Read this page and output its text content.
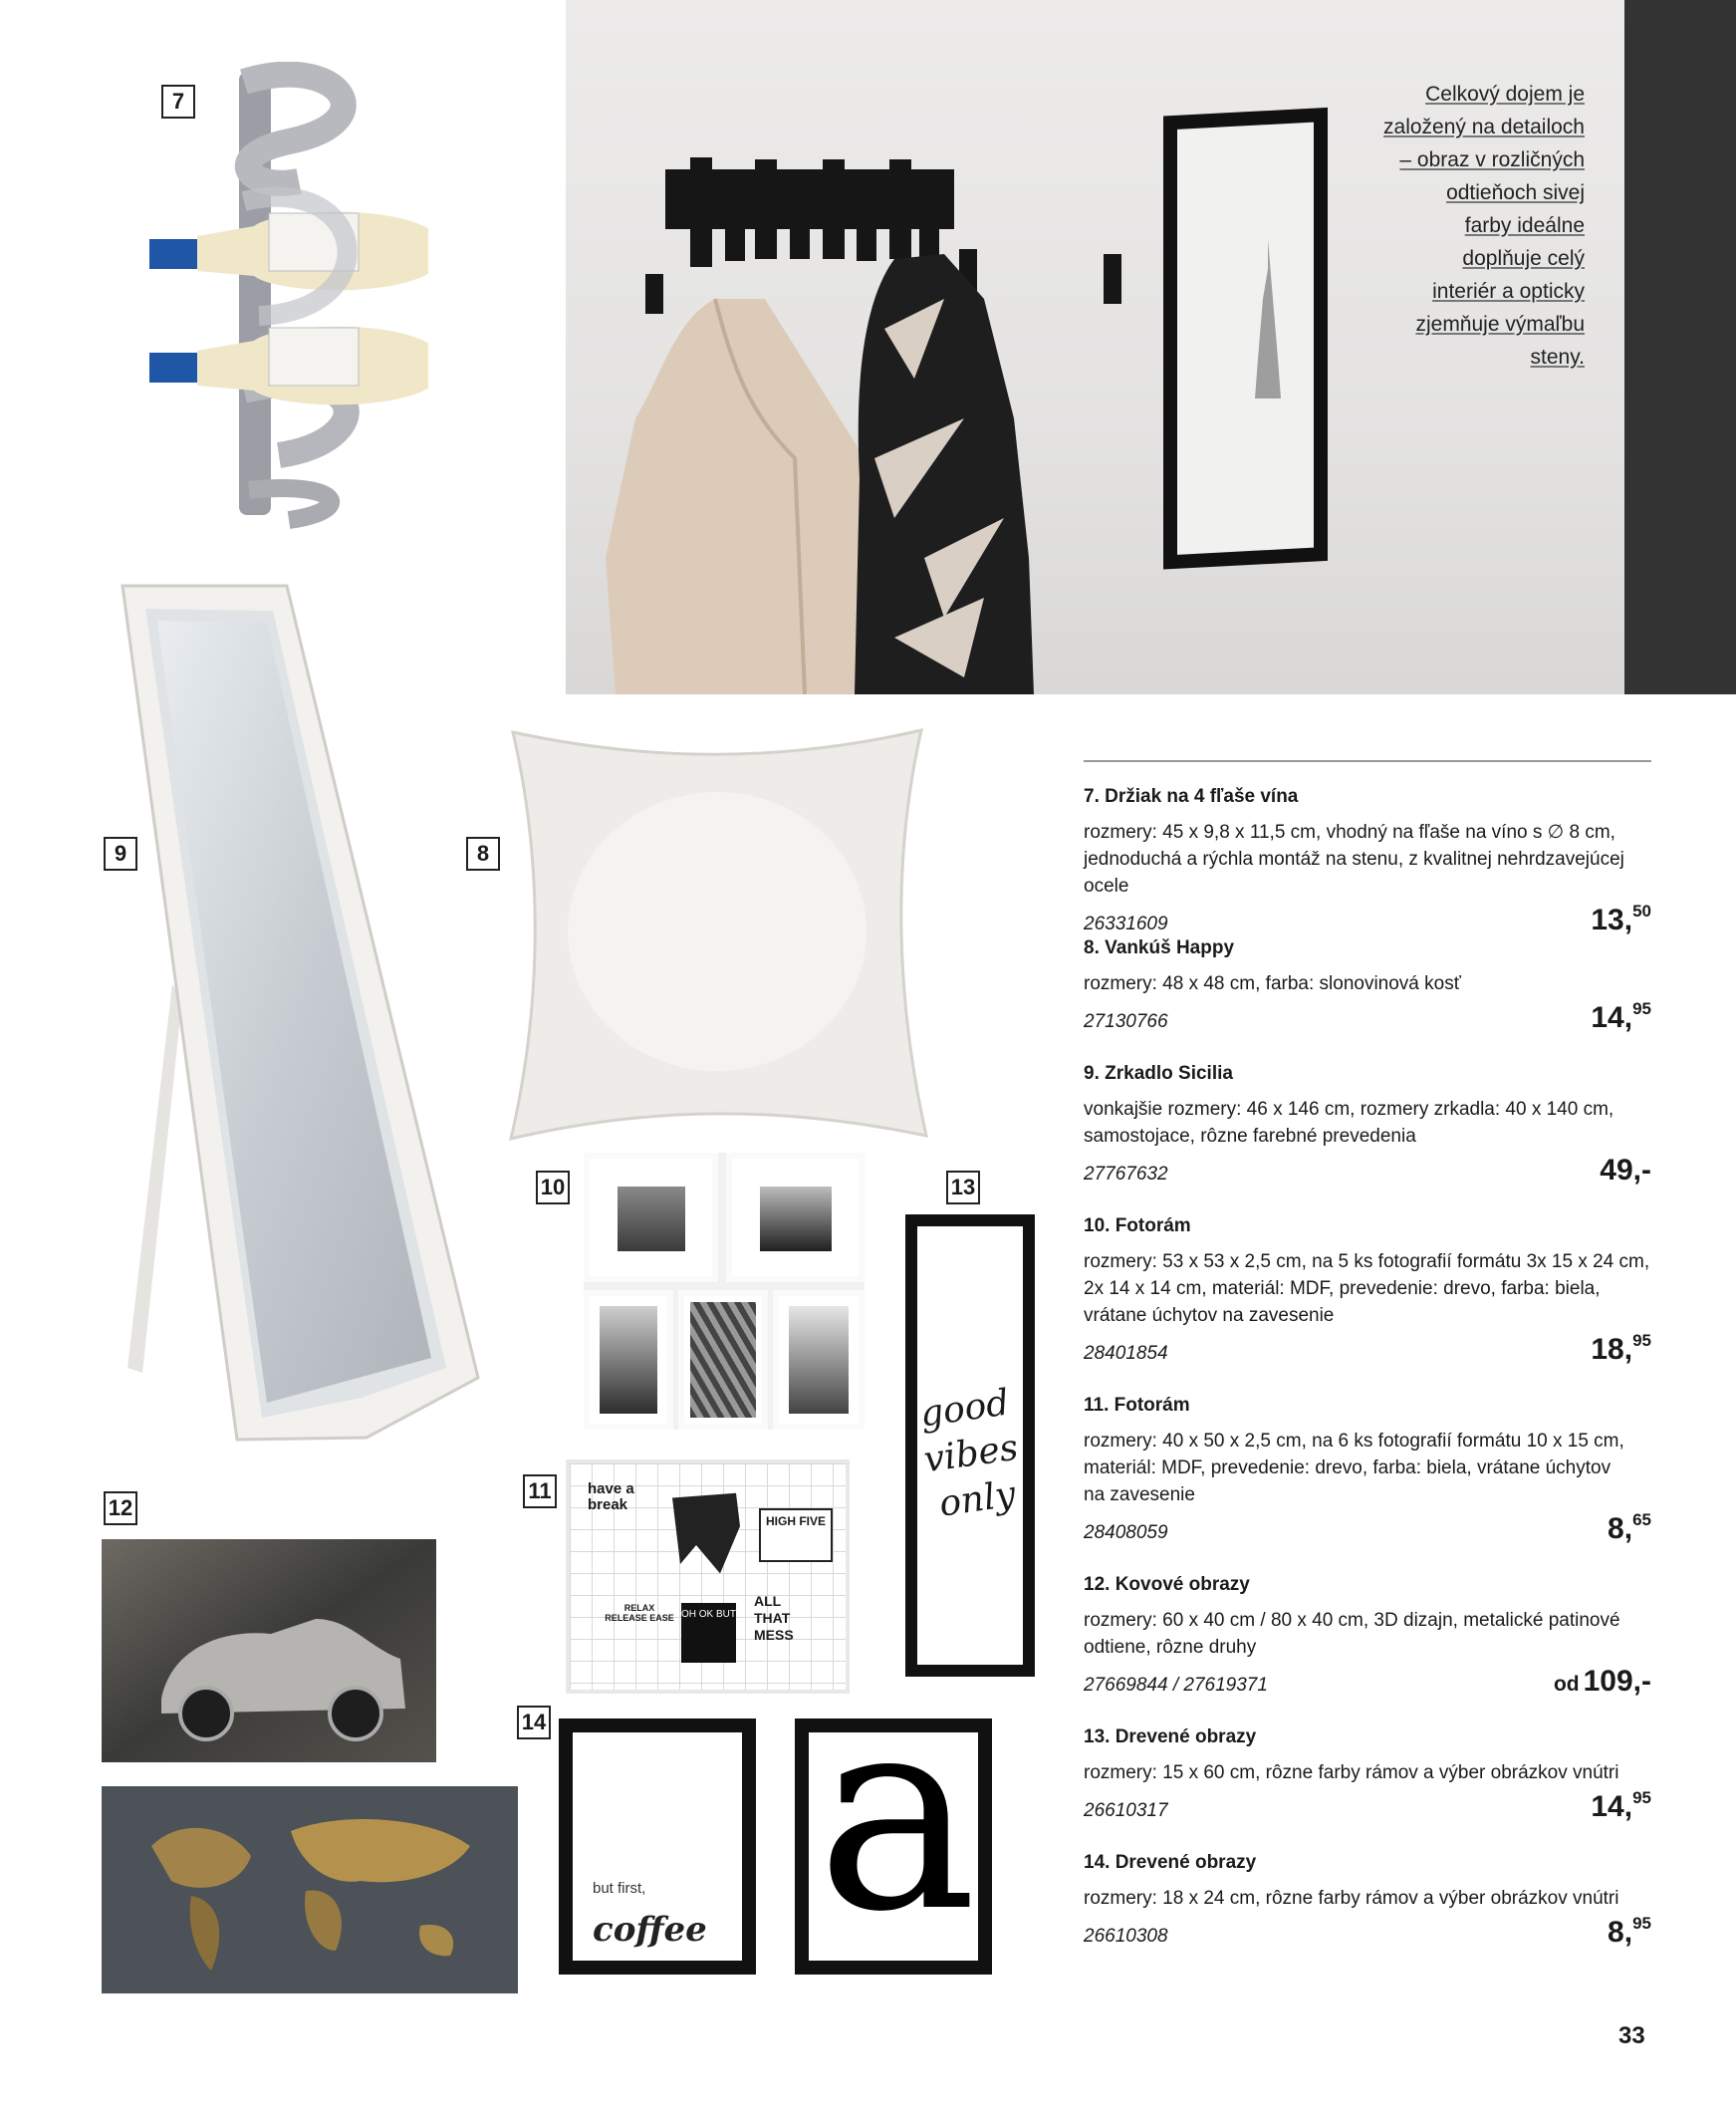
Celkový dojem je
založený na detailoch
– obraz v rozličných
odtieňoch sivej
farby ideálne
doplňuje celý
interiér a opticky
zjemňuje výmaľbu
steny.
7
9	8
10
11	have a break
HIGH FIVE
RELAX RELEASE EASE OH OK BUT
ALL THAT MESS
13
good vibes only
12
14
but first,
coffee a
7. Držiak na 4 fľaše vína
rozmery: 45 x 9,8 x 11,5 cm, vhodný na fľaše na víno s ∅ 8 cm,
jednoduchá a rýchla montáž na stenu, z kvalitnej nehrdzavejúcej ocele
26331609	13,50
8. Vankúš Happy
rozmery: 48 x 48 cm, farba: slonovinová kosť
27130766	14,95
9. Zrkadlo Sicilia
vonkajšie rozmery: 46 x 146 cm, rozmery zrkadla: 40 x 140 cm,
samostojace, rôzne farebné prevedenia
27767632	49,-
10. Fotorám
rozmery: 53 x 53 x 2,5 cm, na 5 ks fotografií formátu 3x 15 x 24 cm,
2x 14 x 14 cm, materiál: MDF, prevedenie: drevo, farba: biela,
vrátane úchytov na zavesenie
28401854	18,95
11. Fotorám
rozmery: 40 x 50 x 2,5 cm, na 6 ks fotografií formátu 10 x 15 cm,
materiál: MDF, prevedenie: drevo, farba: biela, vrátane úchytov
na zavesenie
28408059	8,65
12. Kovové obrazy
rozmery: 60 x 40 cm / 80 x 40 cm, 3D dizajn, metalické patinové
odtiene, rôzne druhy
27669844 / 27619371	od 109,-
13. Drevené obrazy
rozmery: 15 x 60 cm, rôzne farby rámov a výber obrázkov vnútri
26610317	14,95
14. Drevené obrazy
rozmery: 18 x 24 cm, rôzne farby rámov a výber obrázkov vnútri
26610308	8,95
33
